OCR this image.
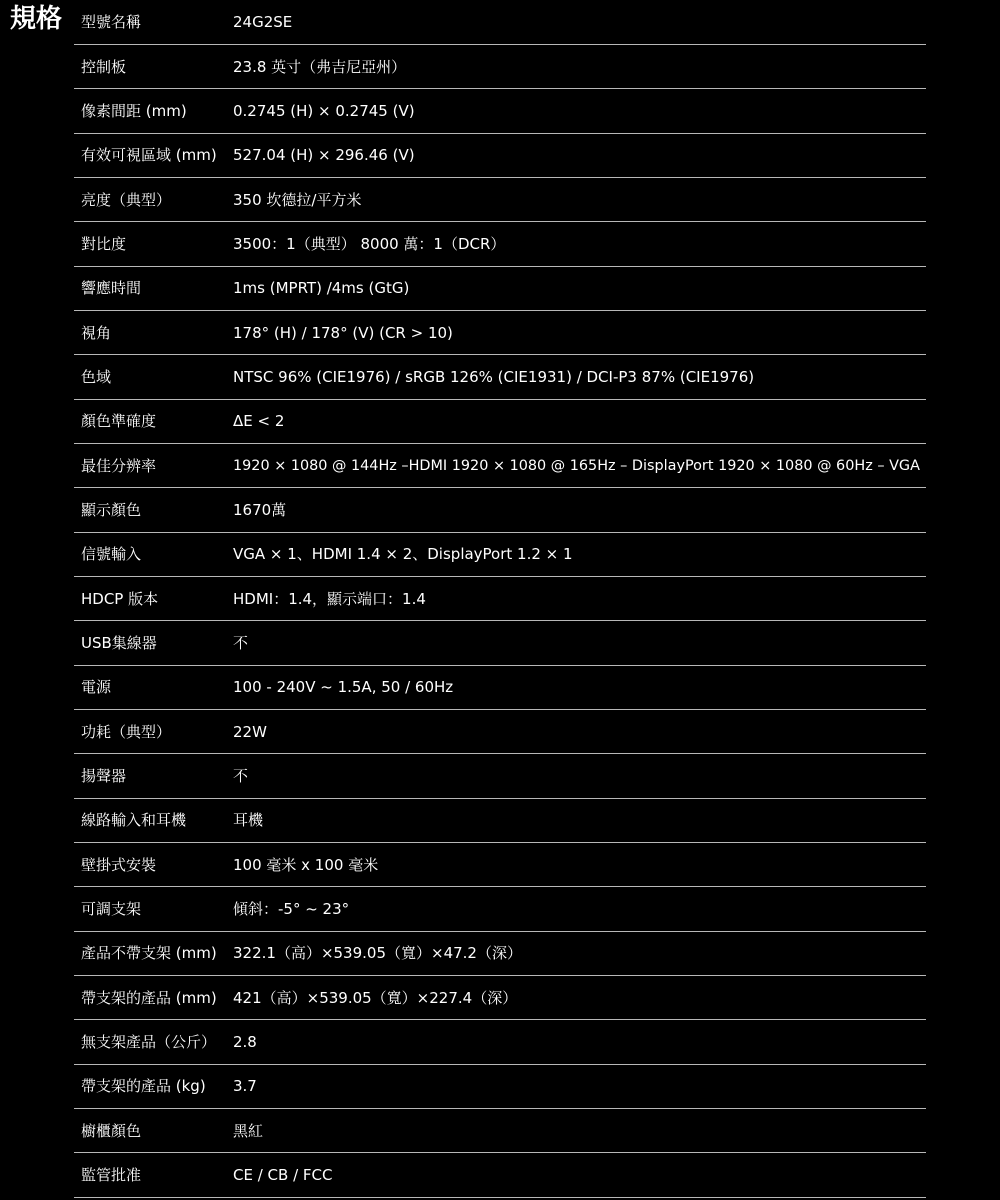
規格 型號名稱	24G2SE
控制板	23.8 英寸（弗吉尼亞州）
像素間距 (mm)	0.2745 (H) × 0.2745 (V)
有效可視區域 (mm)	527.04 (H) × 296.46 (V)
亮度（典型）	350 坎德拉/平方米
對比度	3500：1（典型） 8000 萬：1（DCR）
響應時間	1ms (MPRT) /4ms (GtG)
視角	178° (H) / 178° (V) (CR > 10)
色域	NTSC 96% (CIE1976) / sRGB 126% (CIE1931) / DCI-P3 87% (CIE1976)
顏色準確度	ΔE < 2
最佳分辨率	1920 × 1080 @ 144Hz –HDMI 1920 × 1080 @ 165Hz – DisplayPort 1920 × 1080 @ 60Hz – VGA
顯示顏色	1670萬
信號輸入	VGA × 1、HDMI 1.4 × 2、DisplayPort 1.2 × 1
HDCP 版本	HDMI：1.4，顯示端口：1.4
USB集線器	不
電源	100 - 240V ~ 1.5A, 50 / 60Hz
功耗（典型）	22W
揚聲器	不
線路輸入和耳機	耳機
壁掛式安裝	100 毫米 x 100 毫米
可調支架	傾斜：-5° ~ 23°
產品不帶支架 (mm)	322.1（高）×539.05（寬）×47.2（深）
帶支架的產品 (mm)	421（高）×539.05（寬）×227.4（深）
無支架產品（公斤）	2.8
帶支架的產品 (kg)	3.7
櫥櫃顏色	黑紅
監管批准	CE / CB / FCC
